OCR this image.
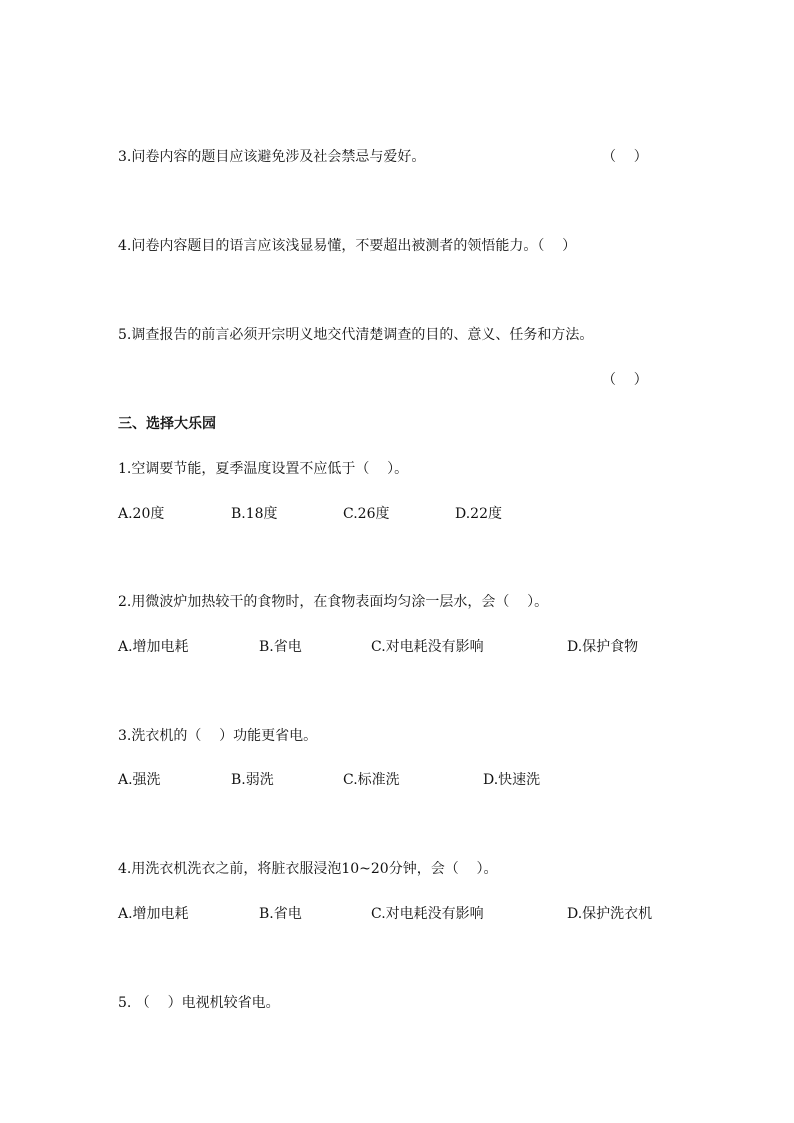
3.问卷内容的题目应该避免涉及社会禁忌与爱好。	（    ）
4.问卷内容题目的语言应该浅显易懂，不要超出被测者的领悟能力。（    ）
5.调查报告的前言必须开宗明义地交代清楚调查的目的、意义、任务和方法。
（    ）
三、选择大乐园
1.空调要节能，夏季温度设置不应低于（    ）。
A.20度	B.18度	C.26度	D.22度
2.用微波炉加热较干的食物时，在食物表面均匀涂一层水，会（    ）。
A.增加电耗	B.省电	C.对电耗没有影响	D.保护食物
3.洗衣机的（    ）功能更省电。
A.强洗	B.弱洗	C.标准洗	D.快速洗
4.用洗衣机洗衣之前，将脏衣服浸泡10~20分钟，会（    ）。
A.增加电耗	B.省电	C.对电耗没有影响	D.保护洗衣机
5. （    ）电视机较省电。
